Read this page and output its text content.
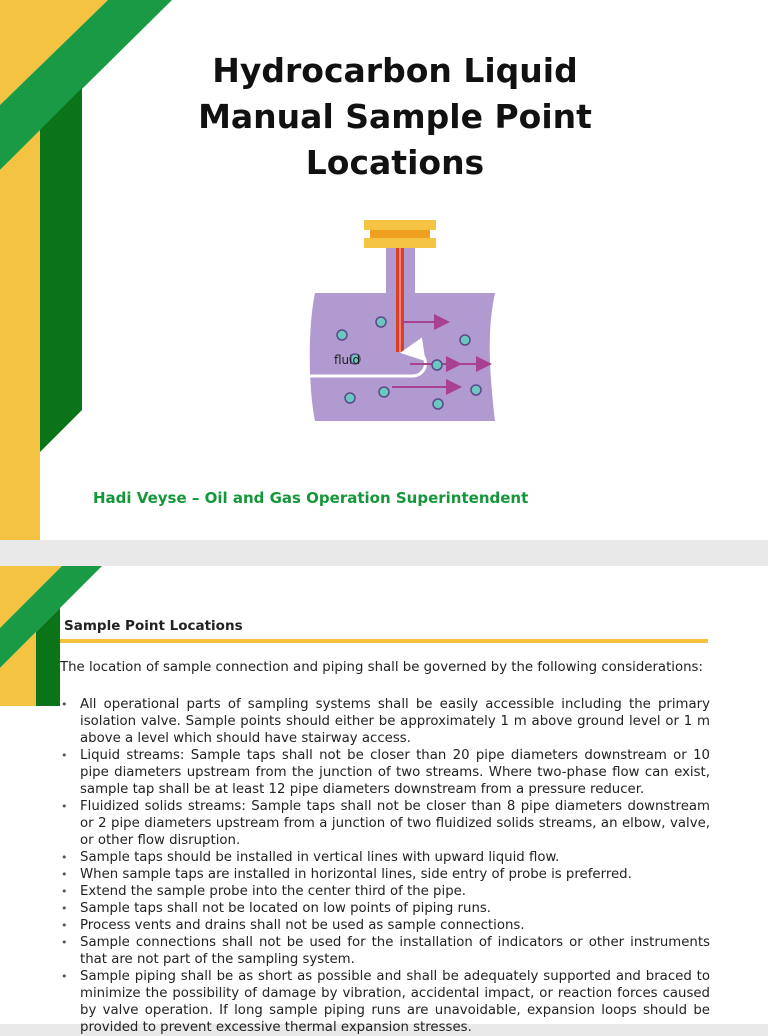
Hydrocarbon Liquid
Manual Sample Point
Locations
fluid

Hadi Veyse – Oil and Gas Operation Superintendent

Sample Point Locations

The location of sample connection and piping shall be governed by the following considerations:

• All operational parts of sampling systems shall be easily accessible including the primary isolation valve. Sample points should either be approximately 1 m above ground level or 1 m above a level which should have stairway access.
• Liquid streams: Sample taps shall not be closer than 20 pipe diameters downstream or 10 pipe diameters upstream from the junction of two streams. Where two-phase flow can exist, sample tap shall be at least 12 pipe diameters downstream from a pressure reducer.
• Fluidized solids streams: Sample taps shall not be closer than 8 pipe diameters downstream or 2 pipe diameters upstream from a junction of two fluidized solids streams, an elbow, valve, or other flow disruption.
• Sample taps should be installed in vertical lines with upward liquid flow.
• When sample taps are installed in horizontal lines, side entry of probe is preferred.
• Extend the sample probe into the center third of the pipe.
• Sample taps shall not be located on low points of piping runs.
• Process vents and drains shall not be used as sample connections.
• Sample connections shall not be used for the installation of indicators or other instruments that are not part of the sampling system.
• Sample piping shall be as short as possible and shall be adequately supported and braced to minimize the possibility of damage by vibration, accidental impact, or reaction forces caused by valve operation. If long sample piping runs are unavoidable, expansion loops should be provided to prevent excessive thermal expansion stresses.
